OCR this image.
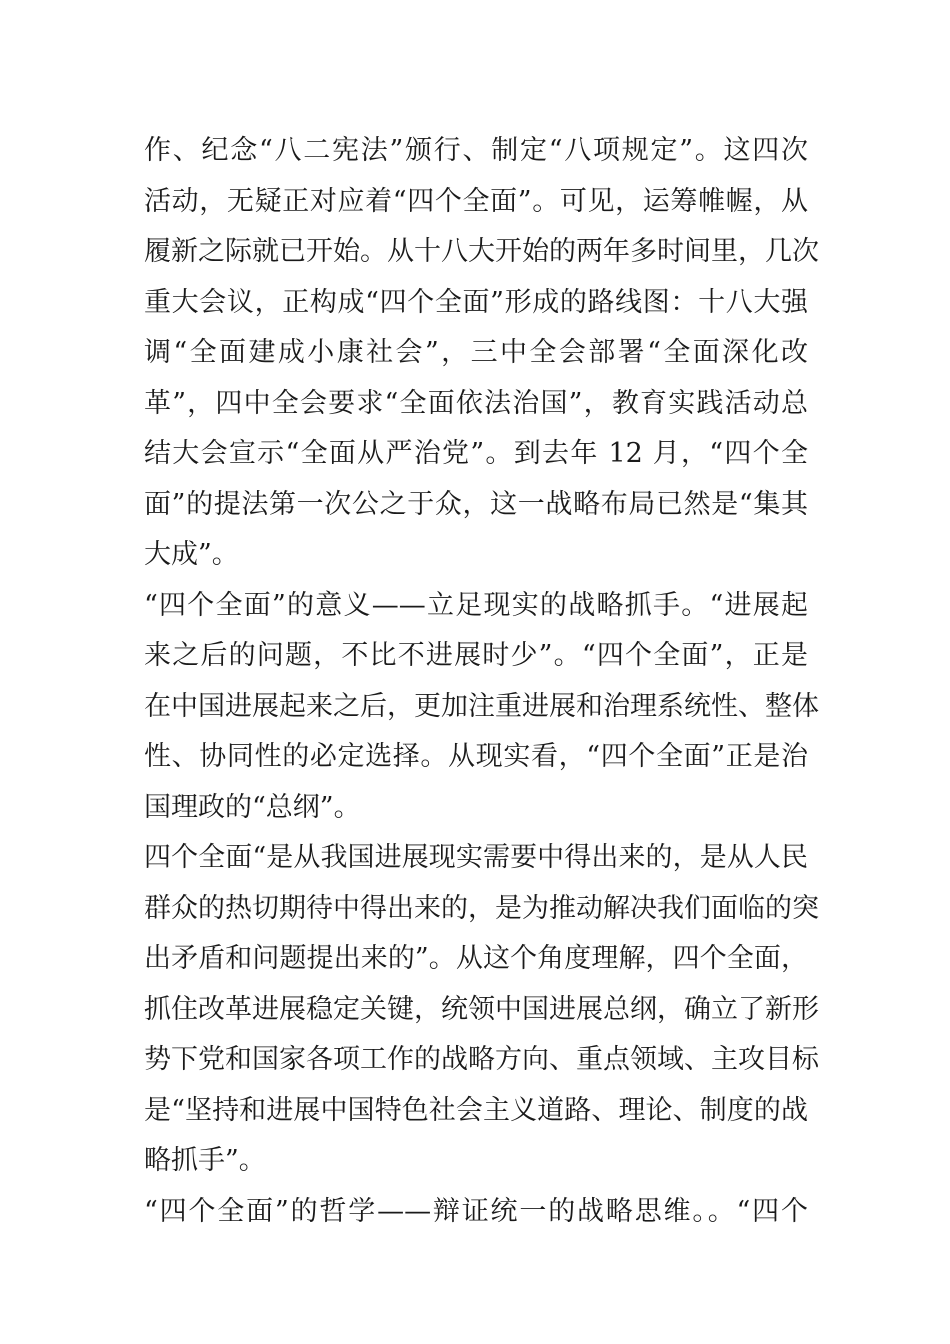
作、纪念“八二宪法”颁行、制定“八项规定”。这四次
活动，无疑正对应着“四个全面”。可见，运筹帷幄，从
履新之际就已开始。从十八大开始的两年多时间里，几次
重大会议，正构成“四个全面”形成的路线图：十八大强
调“全面建成小康社会”，三中全会部署“全面深化改
革”，四中全会要求“全面依法治国”，教育实践活动总
结大会宣示“全面从严治党”。到去年 12 月，“四个全
面”的提法第一次公之于众，这一战略布局已然是“集其
大成”。
“四个全面”的意义——立足现实的战略抓手。“进展起
来之后的问题，不比不进展时少”。“四个全面”，正是
在中国进展起来之后，更加注重进展和治理系统性、整体
性、协同性的必定选择。从现实看，“四个全面”正是治
国理政的“总纲”。
四个全面“是从我国进展现实需要中得出来的，是从人民
群众的热切期待中得出来的，是为推动解决我们面临的突
出矛盾和问题提出来的”。从这个角度理解，四个全面，
抓住改革进展稳定关键，统领中国进展总纲，确立了新形
势下党和国家各项工作的战略方向、重点领域、主攻目标
是“坚持和进展中国特色社会主义道路、理论、制度的战
略抓手”。
“四个全面”的哲学——辩证统一的战略思维。。“四个
